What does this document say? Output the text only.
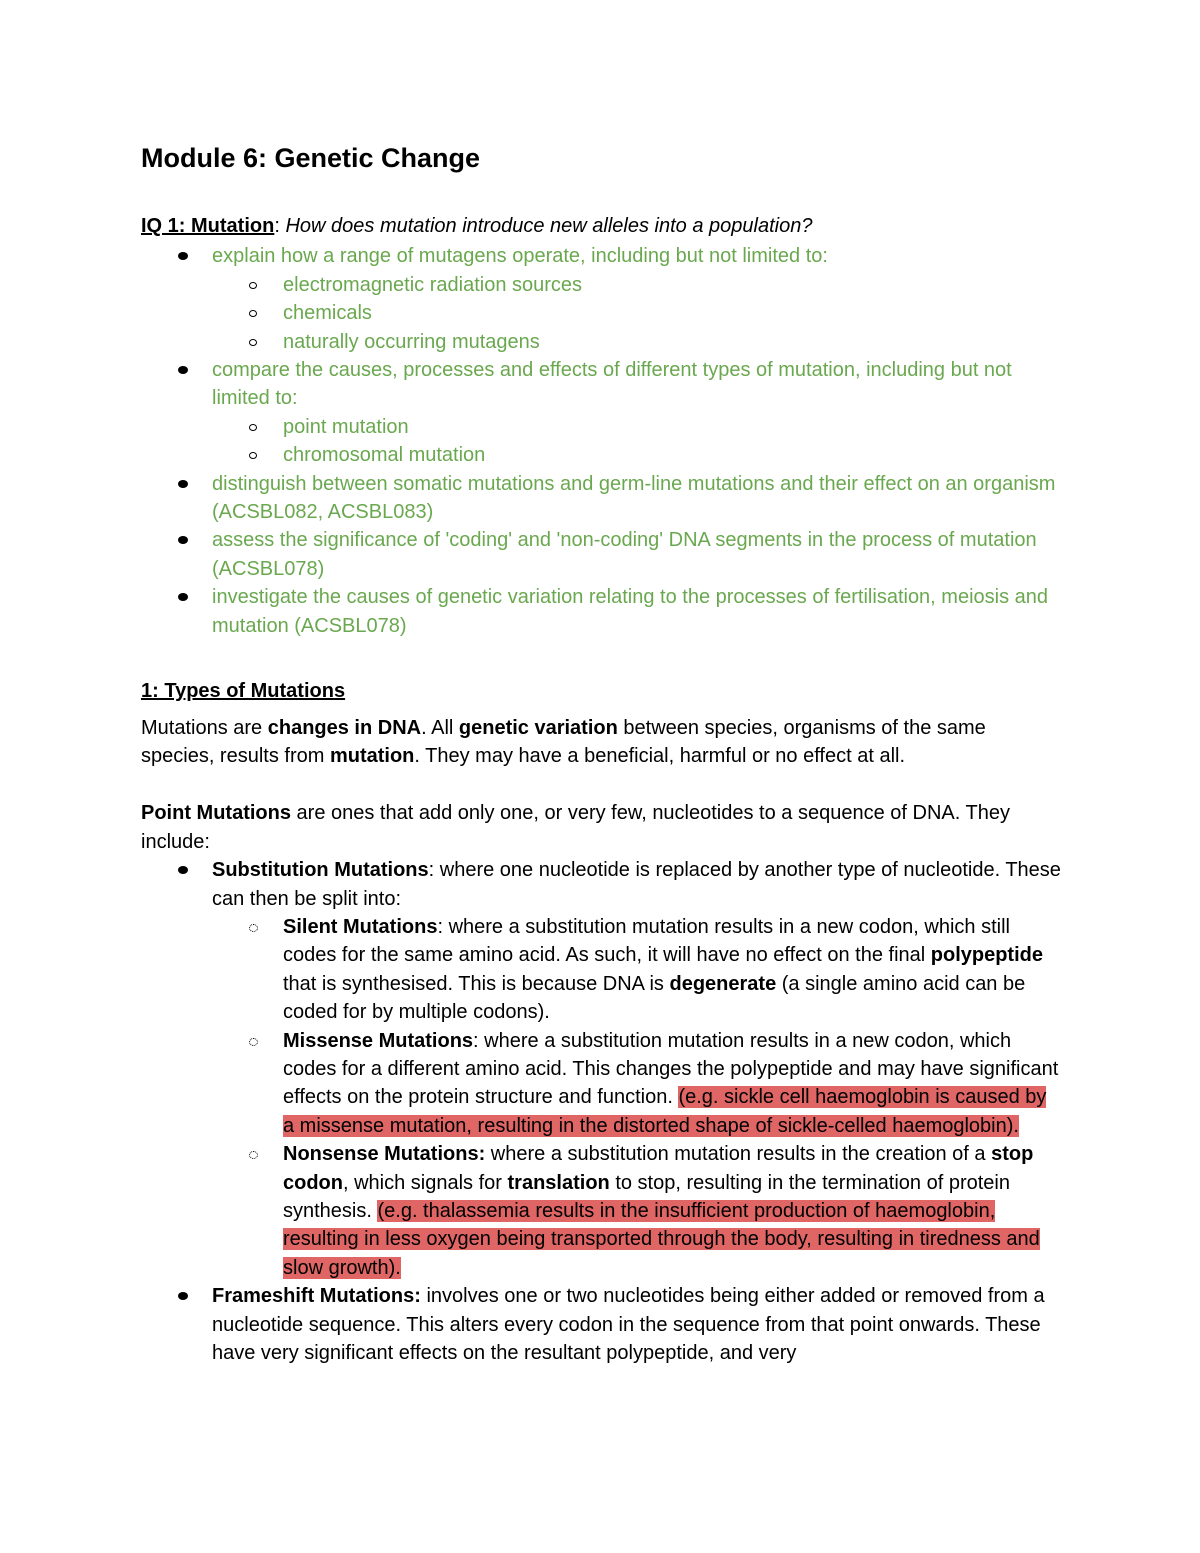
Module 6: Genetic Change
IQ 1: Mutation: How does mutation introduce new alleles into a population?
explain how a range of mutagens operate, including but not limited to:
electromagnetic radiation sources
chemicals
naturally occurring mutagens
compare the causes, processes and effects of different types of mutation, including but not limited to:
point mutation
chromosomal mutation
distinguish between somatic mutations and germ-line mutations and their effect on an organism (ACSBL082, ACSBL083)
assess the significance of 'coding' and 'non-coding' DNA segments in the process of mutation (ACSBL078)
investigate the causes of genetic variation relating to the processes of fertilisation, meiosis and mutation (ACSBL078)
1: Types of Mutations

Mutations are changes in DNA. All genetic variation between species, organisms of the same species, results from mutation. They may have a beneficial, harmful or no effect at all.

Point Mutations are ones that add only one, or very few, nucleotides to a sequence of DNA. They include:

Substitution Mutations: where one nucleotide is replaced by another type of nucleotide. These can then be split into:
Silent Mutations: where a substitution mutation results in a new codon, which still codes for the same amino acid. As such, it will have no effect on the final polypeptide that is synthesised. This is because DNA is degenerate (a single amino acid can be coded for by multiple codons).
Missense Mutations: where a substitution mutation results in a new codon, which codes for a different amino acid. This changes the polypeptide and may have significant effects on the protein structure and function. (e.g. sickle cell haemoglobin is caused by a missense mutation, resulting in the distorted shape of sickle-celled haemoglobin).
Nonsense Mutations: where a substitution mutation results in the creation of a stop codon, which signals for translation to stop, resulting in the termination of protein synthesis. (e.g. thalassemia results in the insufficient production of haemoglobin, resulting in less oxygen being transported through the body, resulting in tiredness and slow growth).
Frameshift Mutations: involves one or two nucleotides being either added or removed from a nucleotide sequence. This alters every codon in the sequence from that point onwards. These have very significant effects on the resultant polypeptide, and very
